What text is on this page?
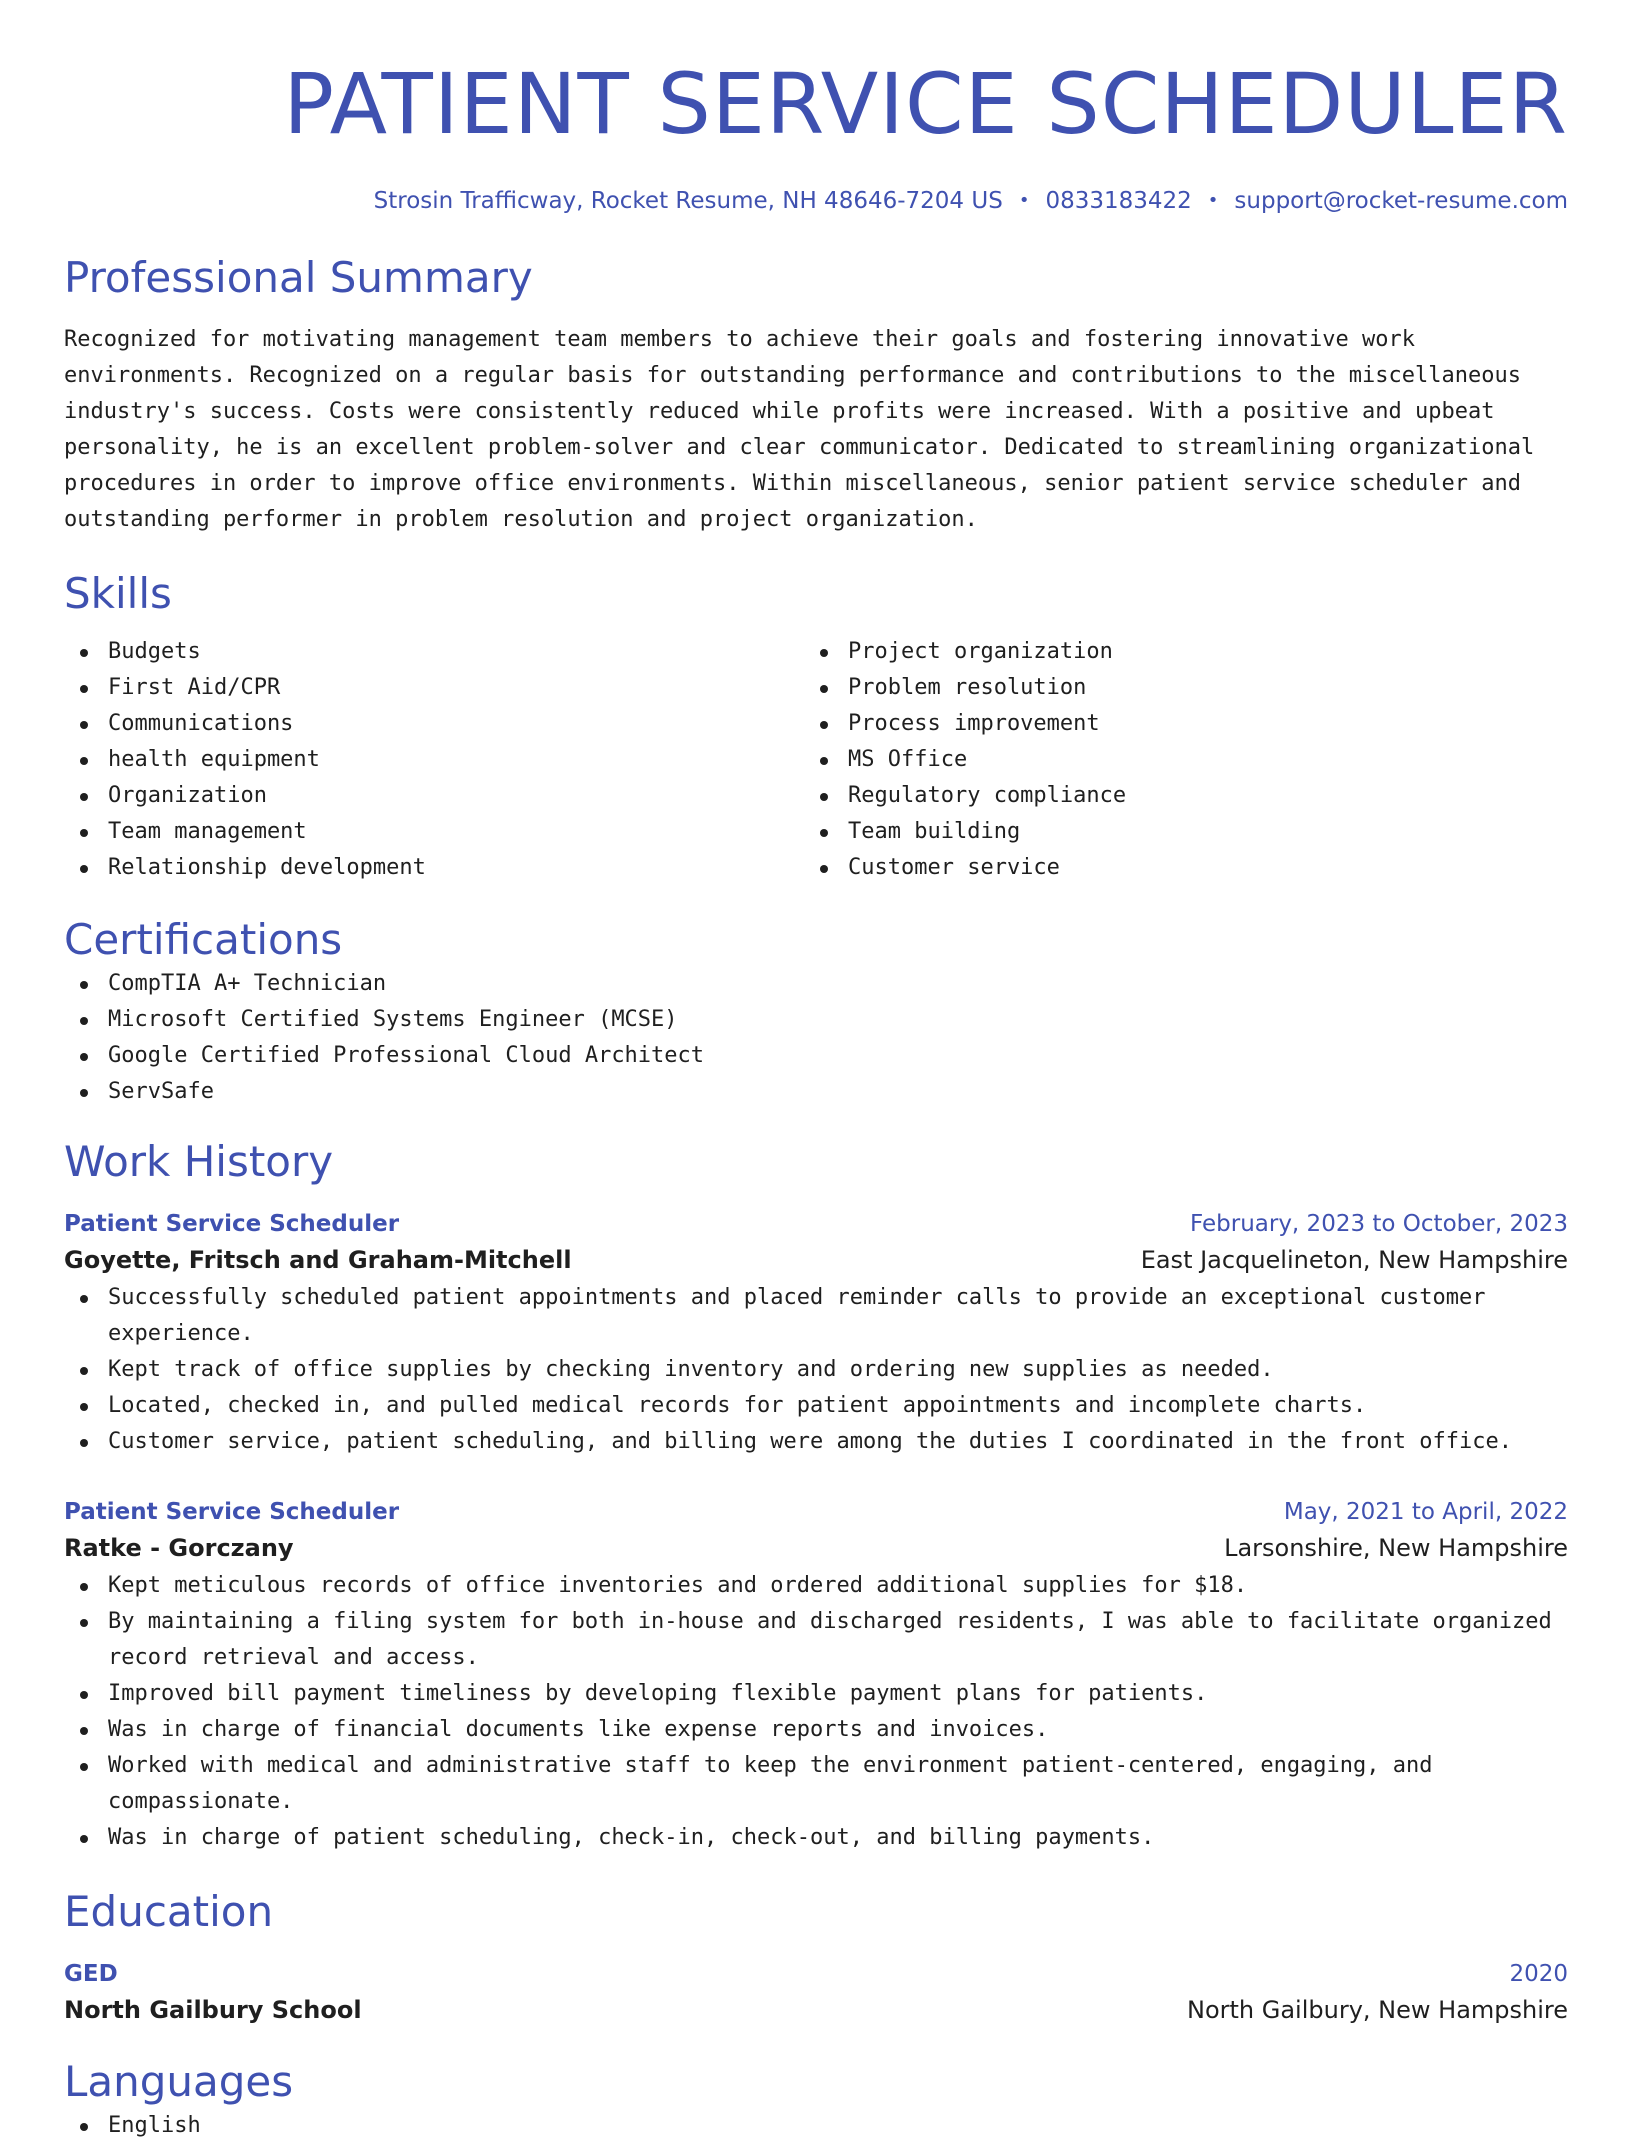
PATIENT SERVICE SCHEDULER
Strosin Trafficway, Rocket Resume, NH 48646-7204 US • 0833183422 • support@rocket-resume.com
Professional Summary

Recognized for motivating management team members to achieve their goals and fostering innovative work environments. Recognized on a regular basis for outstanding performance and contributions to the miscellaneous industry's success. Costs were consistently reduced while profits were increased. With a positive and upbeat personality, he is an excellent problem-solver and clear communicator. Dedicated to streamlining organizational procedures in order to improve office environments. Within miscellaneous, senior patient service scheduler and outstanding performer in problem resolution and project organization.

Skills
Budgets
First Aid/CPR
Communications
health equipment
Organization
Team management
Relationship development
Project organization
Problem resolution
Process improvement
MS Office
Regulatory compliance
Team building
Customer service
Certifications
CompTIA A+ Technician
Microsoft Certified Systems Engineer (MCSE)
Google Certified Professional Cloud Architect
ServSafe
Work History
Patient Service Scheduler	February, 2023 to October, 2023
Goyette, Fritsch and Graham-Mitchell	East Jacquelineton, New Hampshire
Successfully scheduled patient appointments and placed reminder calls to provide an exceptional customer experience.
Kept track of office supplies by checking inventory and ordering new supplies as needed.
Located, checked in, and pulled medical records for patient appointments and incomplete charts.
Customer service, patient scheduling, and billing were among the duties I coordinated in the front office.
Patient Service Scheduler	May, 2021 to April, 2022
Ratke - Gorczany	Larsonshire, New Hampshire
Kept meticulous records of office inventories and ordered additional supplies for $18.
By maintaining a filing system for both in-house and discharged residents, I was able to facilitate organized record retrieval and access.
Improved bill payment timeliness by developing flexible payment plans for patients.
Was in charge of financial documents like expense reports and invoices.
Worked with medical and administrative staff to keep the environment patient-centered, engaging, and compassionate.
Was in charge of patient scheduling, check-in, check-out, and billing payments.
Education
GED	2020
North Gailbury School	North Gailbury, New Hampshire
Languages
English
